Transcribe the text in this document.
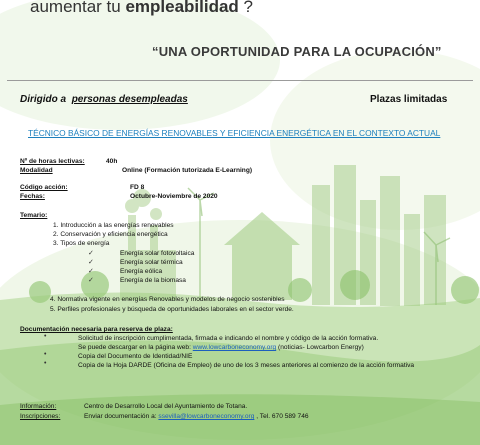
aumentar tu empleabilidad ?
“UNA OPORTUNIDAD PARA LA OCUPACIÓN”
Dirigido a personas desempleadas	Plazas limitadas
TÉCNICO BÁSICO DE ENERGÍAS RENOVABLES Y EFICIENCIA ENERGÉTICA EN EL CONTEXTO ACTUAL
Nº de horas lectivas:	40h
Modalidad	Online (Formación tutorizada E-Learning)
Código acción:	FD 8
Fechas:	Octubre-Noviembre de 2020
Temario:
1. Introducción a las energías renovables
2. Conservación y eficiencia energética
3. Tipos de energía
✓	Energía solar fotovoltaica
✓	Energía solar térmica
✓	Energía eólica
✓	Energía de la biomasa
4. Normativa vigente en energías Renovables y modelos de negocio sostenibles
5. Perfiles profesionales y búsqueda de oportunidades laborales en el sector verde.
Documentación necesaria para reserva de plaza:
•	Solicitud de inscripción cumplimentada, firmada e indicando el nombre y código de la acción formativa.
Se puede descargar en la página web: www.lowcarboneconomy.org (noticias- Lowcarbon Energy)
•	Copia del Documento de Identidad/NIE
•	Copia de la Hoja DARDE (Oficina de Empleo) de uno de los 3 meses anteriores al comienzo de la acción formativa
Información:	Centro de Desarrollo Local del Ayuntamiento de Totana.
Inscripciones:	Enviar documentación a: ssevilla@lowcarboneconomy.org , Tel. 670 589 746
